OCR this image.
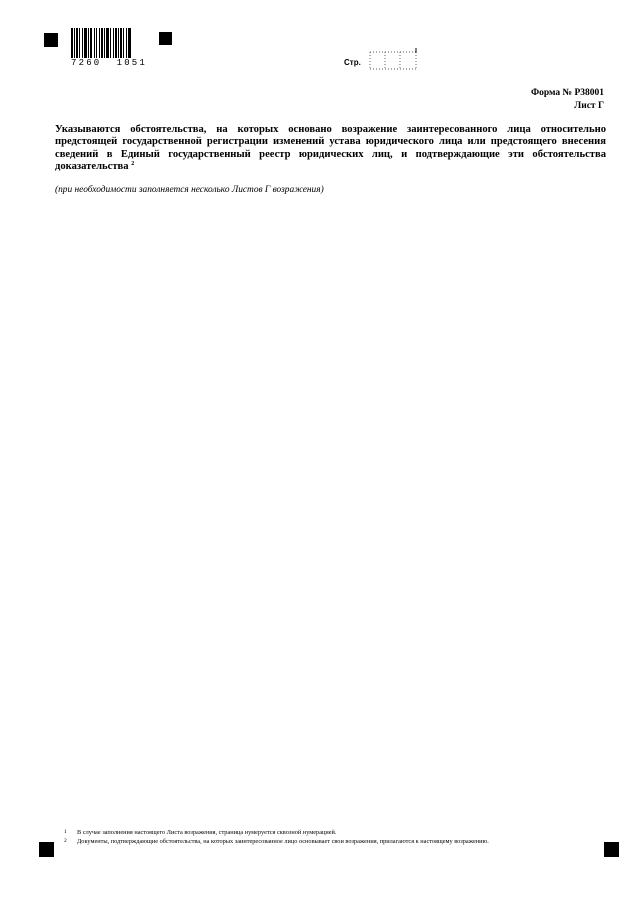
7260  1051	Стр.
Форма № Р38001
Лист Г

Указываются обстоятельства, на которых основано возражение заинтересованного лица относительно предстоящей государственной регистрации изменений устава юридического лица или предстоящего внесения сведений в Единый государственный реестр юридических лиц, и подтверждающие эти обстоятельства доказательства $^2$

(при необходимости заполняется несколько Листов Г возражения)

1 В случае заполнения настоящего Листа возражения, страница нумеруется сквозной нумерацией.
2 Документы, подтверждающие обстоятельства, на которых заинтересованное лицо основывает свои возражения, прилагаются к настоящему возражению.
